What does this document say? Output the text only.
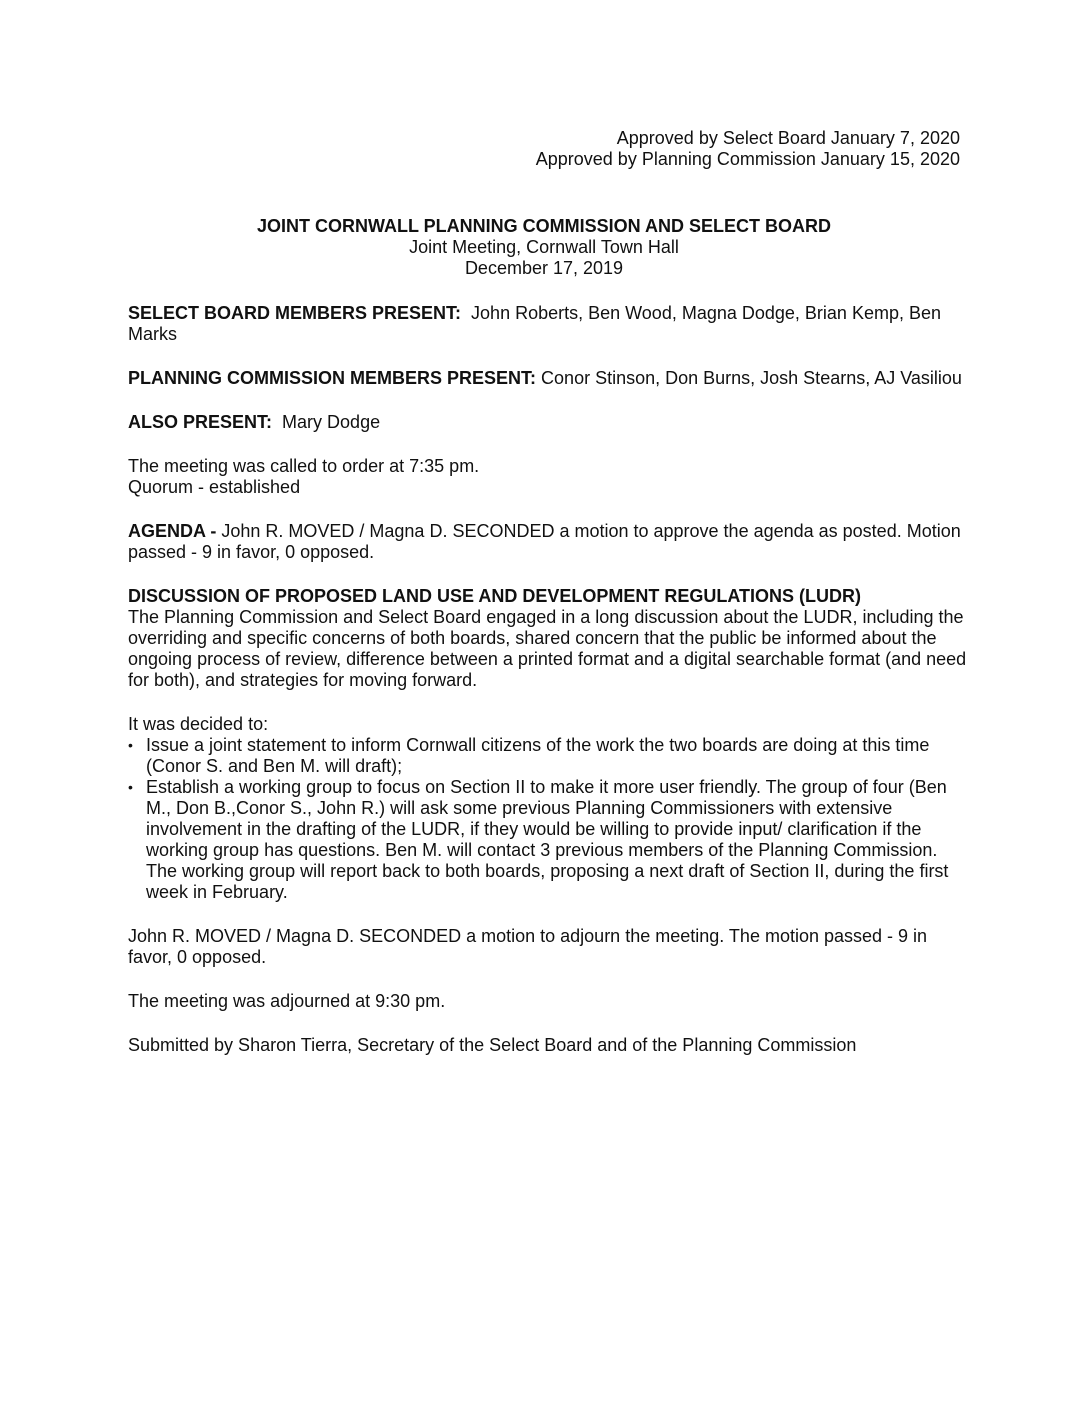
Approved by Select Board January 7, 2020
Approved by Planning Commission January 15, 2020
JOINT CORNWALL PLANNING COMMISSION AND SELECT BOARD
Joint Meeting, Cornwall Town Hall
December 17, 2019

SELECT BOARD MEMBERS PRESENT: John Roberts, Ben Wood, Magna Dodge, Brian Kemp, Ben Marks

PLANNING COMMISSION MEMBERS PRESENT: Conor Stinson, Don Burns, Josh Stearns, AJ Vasiliou

ALSO PRESENT: Mary Dodge

The meeting was called to order at 7:35 pm.
Quorum - established

AGENDA - John R. MOVED / Magna D. SECONDED a motion to approve the agenda as posted. Motion passed - 9 in favor, 0 opposed.

DISCUSSION OF PROPOSED LAND USE AND DEVELOPMENT REGULATIONS (LUDR)
The Planning Commission and Select Board engaged in a long discussion about the LUDR, including the overriding and specific concerns of both boards, shared concern that the public be informed about the ongoing process of review, difference between a printed format and a digital searchable format (and need for both), and strategies for moving forward.

It was decided to:

• Issue a joint statement to inform Cornwall citizens of the work the two boards are doing at this time (Conor S. and Ben M. will draft);
• Establish a working group to focus on Section II to make it more user friendly. The group of four (Ben M., Don B.,Conor S., John R.) will ask some previous Planning Commissioners with extensive involvement in the drafting of the LUDR, if they would be willing to provide input/ clarification if the working group has questions. Ben M. will contact 3 previous members of the Planning Commission. The working group will report back to both boards, proposing a next draft of Section II, during the first week in February.

John R. MOVED / Magna D. SECONDED a motion to adjourn the meeting. The motion passed - 9 in favor, 0 opposed.

The meeting was adjourned at 9:30 pm.

Submitted by Sharon Tierra, Secretary of the Select Board and of the Planning Commission
